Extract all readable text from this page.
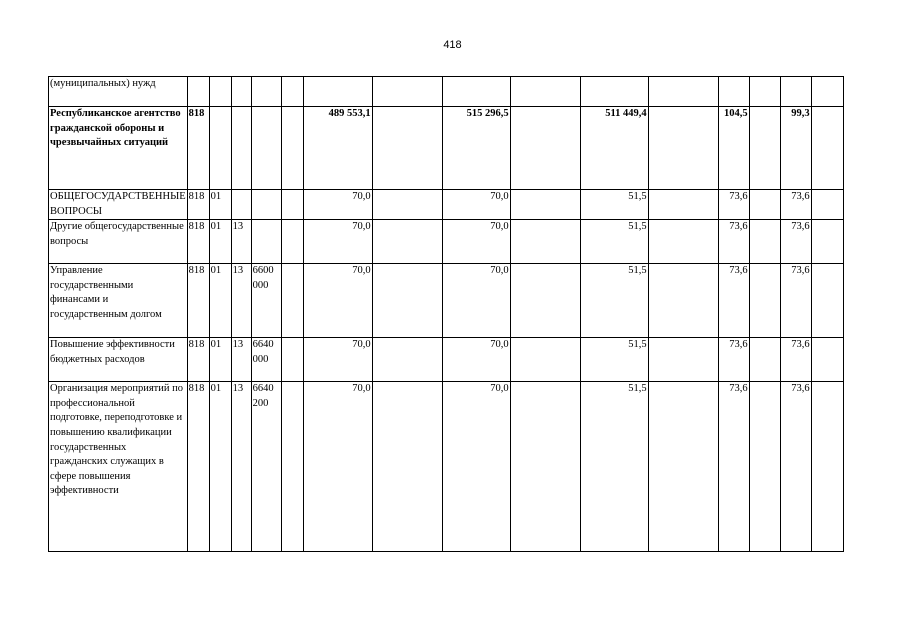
418
(муниципальных) нужд															
Республиканское агентство гражданской обороны и чрезвычайных ситуаций	818					489 553,1		515 296,5		511 449,4		104,5		99,3	
ОБЩЕГОСУДАРСТВЕННЫЕ ВОПРОСЫ	818	01				70,0		70,0		51,5		73,6		73,6	
Другие общегосударственные вопросы	818	01	13			70,0		70,0		51,5		73,6		73,6	
Управление государственными финансами и государственным долгом	818	01	13	6600 000		70,0		70,0		51,5		73,6		73,6	
Повышение эффективности бюджетных расходов	818	01	13	6640 000		70,0		70,0		51,5		73,6		73,6	
Организация мероприятий по профессиональной подготовке, переподготовке и повышению квалификации государственных гражданских служащих в сфере повышения эффективности	818	01	13	6640 200		70,0		70,0		51,5		73,6		73,6	
